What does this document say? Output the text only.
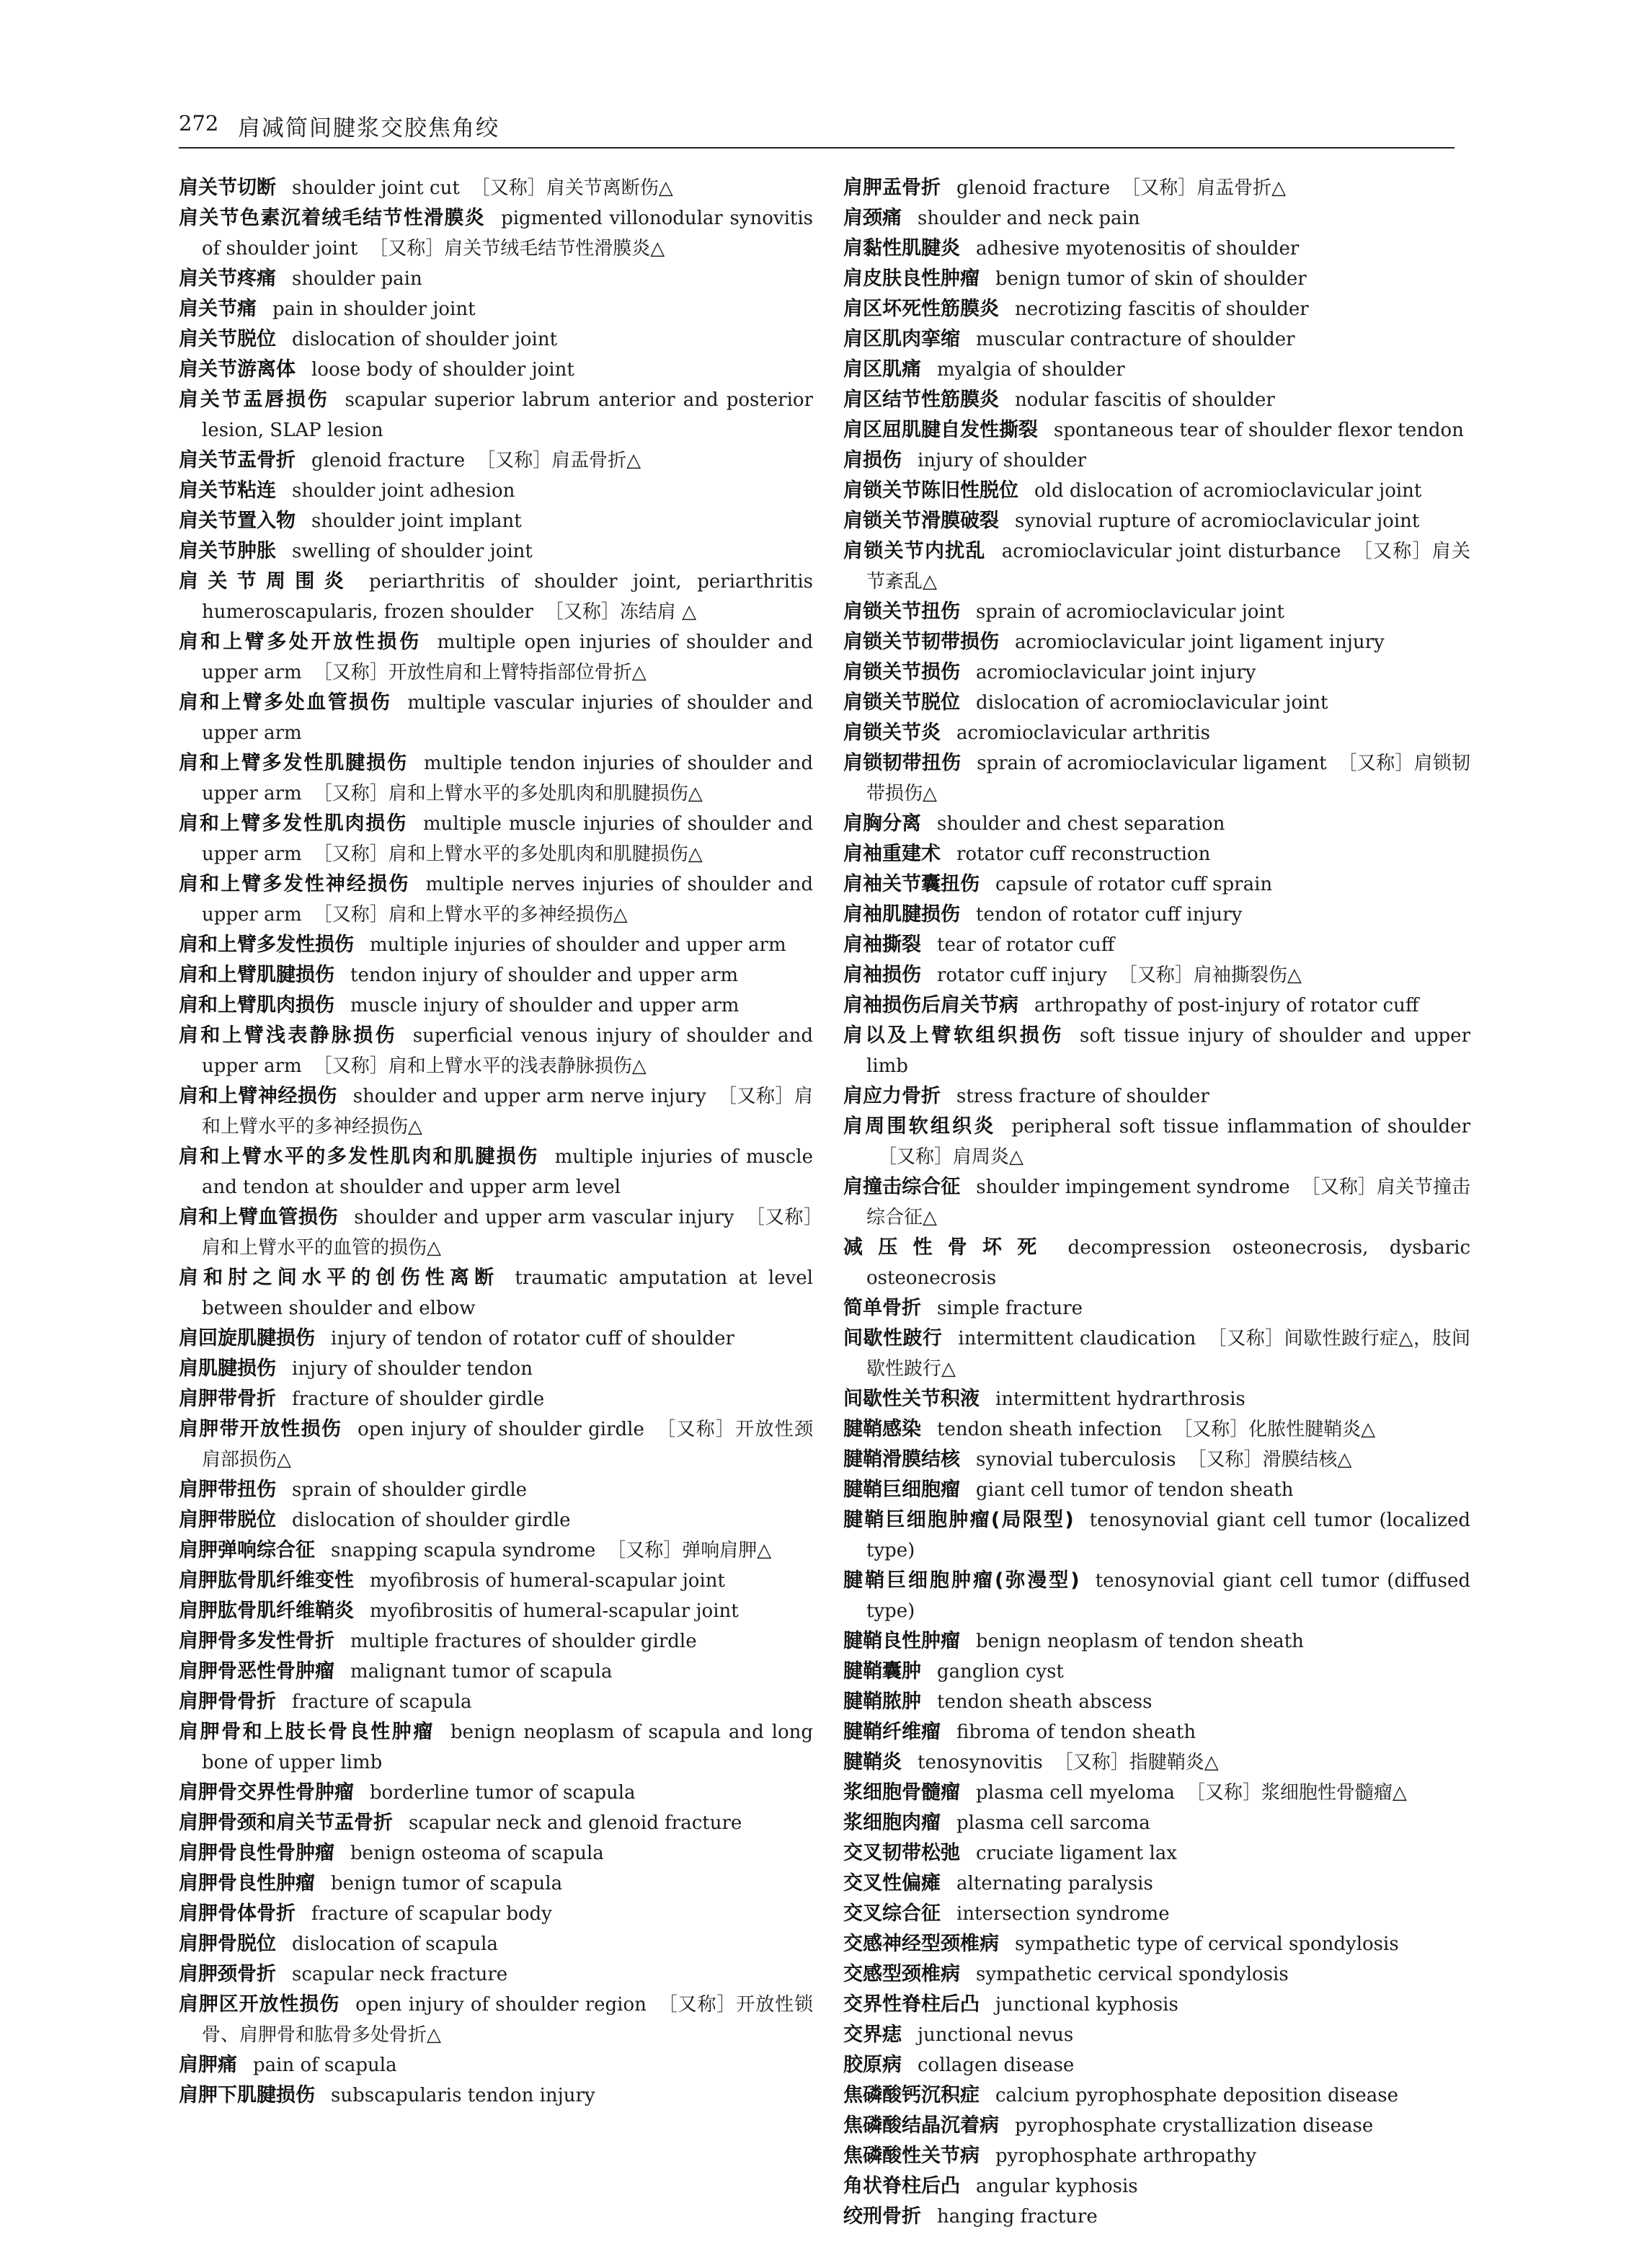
272 肩减简间腱浆交胶焦角绞

肩关节切断 shoulder joint cut ［又称］肩关节离断伤△

肩关节色素沉着绒毛结节性滑膜炎 pigmented villonodular synovitis of shoulder joint ［又称］肩关节绒毛结节性滑膜炎△

肩关节疼痛 shoulder pain

肩关节痛 pain in shoulder joint

肩关节脱位 dislocation of shoulder joint

肩关节游离体 loose body of shoulder joint

肩关节盂唇损伤 scapular superior labrum anterior and posterior lesion, SLAP lesion

肩关节盂骨折 glenoid fracture ［又称］肩盂骨折△

肩关节粘连 shoulder joint adhesion

肩关节置入物 shoulder joint implant

肩关节肿胀 swelling of shoulder joint

肩关节周围炎 periarthritis of shoulder joint, periarthritis humeroscapularis, frozen shoulder ［又称］冻结肩 △

肩和上臂多处开放性损伤 multiple open injuries of shoulder and upper arm ［又称］开放性肩和上臂特指部位骨折△

肩和上臂多处血管损伤 multiple vascular injuries of shoulder and upper arm

肩和上臂多发性肌腱损伤 multiple tendon injuries of shoulder and upper arm ［又称］肩和上臂水平的多处肌肉和肌腱损伤△

肩和上臂多发性肌肉损伤 multiple muscle injuries of shoulder and upper arm ［又称］肩和上臂水平的多处肌肉和肌腱损伤△

肩和上臂多发性神经损伤 multiple nerves injuries of shoulder and upper arm ［又称］肩和上臂水平的多神经损伤△

肩和上臂多发性损伤 multiple injuries of shoulder and upper arm

肩和上臂肌腱损伤 tendon injury of shoulder and upper arm

肩和上臂肌肉损伤 muscle injury of shoulder and upper arm

肩和上臂浅表静脉损伤 superficial venous injury of shoulder and upper arm ［又称］肩和上臂水平的浅表静脉损伤△

肩和上臂神经损伤 shoulder and upper arm nerve injury ［又称］肩和上臂水平的多神经损伤△

肩和上臂水平的多发性肌肉和肌腱损伤 multiple injuries of muscle and tendon at shoulder and upper arm level

肩和上臂血管损伤 shoulder and upper arm vascular injury ［又称］肩和上臂水平的血管的损伤△

肩和肘之间水平的创伤性离断 traumatic amputation at level between shoulder and elbow

肩回旋肌腱损伤 injury of tendon of rotator cuff of shoulder

肩肌腱损伤 injury of shoulder tendon

肩胛带骨折 fracture of shoulder girdle

肩胛带开放性损伤 open injury of shoulder girdle ［又称］开放性颈肩部损伤△

肩胛带扭伤 sprain of shoulder girdle

肩胛带脱位 dislocation of shoulder girdle

肩胛弹响综合征 snapping scapula syndrome ［又称］弹响肩胛△

肩胛肱骨肌纤维变性 myofibrosis of humeral-scapular joint

肩胛肱骨肌纤维鞘炎 myofibrositis of humeral-scapular joint

肩胛骨多发性骨折 multiple fractures of shoulder girdle

肩胛骨恶性骨肿瘤 malignant tumor of scapula

肩胛骨骨折 fracture of scapula

肩胛骨和上肢长骨良性肿瘤 benign neoplasm of scapula and long bone of upper limb

肩胛骨交界性骨肿瘤 borderline tumor of scapula

肩胛骨颈和肩关节盂骨折 scapular neck and glenoid fracture

肩胛骨良性骨肿瘤 benign osteoma of scapula

肩胛骨良性肿瘤 benign tumor of scapula

肩胛骨体骨折 fracture of scapular body

肩胛骨脱位 dislocation of scapula

肩胛颈骨折 scapular neck fracture

肩胛区开放性损伤 open injury of shoulder region ［又称］开放性锁骨、肩胛骨和肱骨多处骨折△

肩胛痛 pain of scapula

肩胛下肌腱损伤 subscapularis tendon injury

肩胛盂骨折 glenoid fracture ［又称］肩盂骨折△

肩颈痛 shoulder and neck pain

肩黏性肌腱炎 adhesive myotenositis of shoulder

肩皮肤良性肿瘤 benign tumor of skin of shoulder

肩区坏死性筋膜炎 necrotizing fascitis of shoulder

肩区肌肉挛缩 muscular contracture of shoulder

肩区肌痛 myalgia of shoulder

肩区结节性筋膜炎 nodular fascitis of shoulder

肩区屈肌腱自发性撕裂 spontaneous tear of shoulder flexor tendon

肩损伤 injury of shoulder

肩锁关节陈旧性脱位 old dislocation of acromioclavicular joint

肩锁关节滑膜破裂 synovial rupture of acromioclavicular joint

肩锁关节内扰乱 acromioclavicular joint disturbance ［又称］肩关节紊乱△

肩锁关节扭伤 sprain of acromioclavicular joint

肩锁关节韧带损伤 acromioclavicular joint ligament injury

肩锁关节损伤 acromioclavicular joint injury

肩锁关节脱位 dislocation of acromioclavicular joint

肩锁关节炎 acromioclavicular arthritis

肩锁韧带扭伤 sprain of acromioclavicular ligament ［又称］肩锁韧带损伤△

肩胸分离 shoulder and chest separation

肩袖重建术 rotator cuff reconstruction

肩袖关节囊扭伤 capsule of rotator cuff sprain

肩袖肌腱损伤 tendon of rotator cuff injury

肩袖撕裂 tear of rotator cuff

肩袖损伤 rotator cuff injury ［又称］肩袖撕裂伤△

肩袖损伤后肩关节病 arthropathy of post-injury of rotator cuff

肩以及上臂软组织损伤 soft tissue injury of shoulder and upper limb

肩应力骨折 stress fracture of shoulder

肩周围软组织炎 peripheral soft tissue inflammation of shoulder［又称］肩周炎△

肩撞击综合征 shoulder impingement syndrome ［又称］肩关节撞击综合征△

减压性骨坏死 decompression osteonecrosis, dysbaric osteonecrosis

简单骨折 simple fracture

间歇性跛行 intermittent claudication ［又称］间歇性跛行症△，肢间歇性跛行△

间歇性关节积液 intermittent hydrarthrosis

腱鞘感染 tendon sheath infection ［又称］化脓性腱鞘炎△

腱鞘滑膜结核 synovial tuberculosis ［又称］滑膜结核△

腱鞘巨细胞瘤 giant cell tumor of tendon sheath

腱鞘巨细胞肿瘤(局限型) tenosynovial giant cell tumor (localized type)

腱鞘巨细胞肿瘤(弥漫型) tenosynovial giant cell tumor (diffused type)

腱鞘良性肿瘤 benign neoplasm of tendon sheath

腱鞘囊肿 ganglion cyst

腱鞘脓肿 tendon sheath abscess

腱鞘纤维瘤 fibroma of tendon sheath

腱鞘炎 tenosynovitis ［又称］指腱鞘炎△

浆细胞骨髓瘤 plasma cell myeloma ［又称］浆细胞性骨髓瘤△

浆细胞肉瘤 plasma cell sarcoma

交叉韧带松弛 cruciate ligament lax

交叉性偏瘫 alternating paralysis

交叉综合征 intersection syndrome

交感神经型颈椎病 sympathetic type of cervical spondylosis

交感型颈椎病 sympathetic cervical spondylosis

交界性脊柱后凸 junctional kyphosis

交界痣 junctional nevus

胶原病 collagen disease

焦磷酸钙沉积症 calcium pyrophosphate deposition disease

焦磷酸结晶沉着病 pyrophosphate crystallization disease

焦磷酸性关节病 pyrophosphate arthropathy

角状脊柱后凸 angular kyphosis

绞刑骨折 hanging fracture
